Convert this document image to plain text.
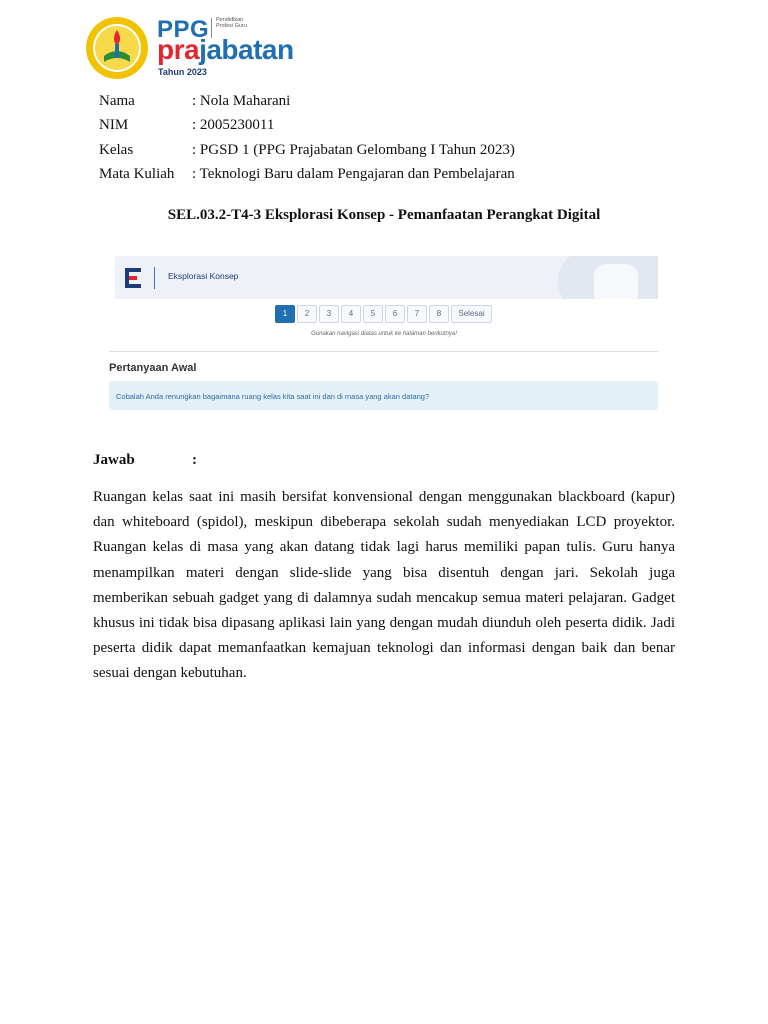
PPG Pendidikan Profesi Guru
prajabatan
Tahun 2023
Nama	: Nola Maharani
NIM	: 2005230011
Kelas	: PGSD 1 (PPG Prajabatan Gelombang I Tahun 2023)
Mata Kuliah : Teknologi Baru dalam Pengajaran dan Pembelajaran
SEL.03.2-T4-3 Eksplorasi Konsep - Pemanfaatan Perangkat Digital
Eksplorasi Konsep
1	2	3	4	5	6	7	8	Selesai
Gunakan navigasi diatas untuk ke halaman berikutnya!
Pertanyaan Awal
Cobalah Anda renungkan bagaimana ruang kelas kita saat ini dan di masa yang akan datang?
Jawab	:
Ruangan kelas saat ini masih bersifat konvensional dengan menggunakan blackboard (kapur) dan whiteboard (spidol), meskipun dibeberapa sekolah sudah menyediakan LCD proyektor. Ruangan kelas di masa yang akan datang tidak lagi harus memiliki papan tulis. Guru hanya menampilkan materi dengan slide-slide yang bisa disentuh dengan jari. Sekolah juga memberikan sebuah gadget yang di dalamnya sudah mencakup semua materi pelajaran. Gadget khusus ini tidak bisa dipasang aplikasi lain yang dengan mudah diunduh oleh peserta didik. Jadi peserta didik dapat memanfaatkan kemajuan teknologi dan informasi dengan baik dan benar sesuai dengan kebutuhan.
